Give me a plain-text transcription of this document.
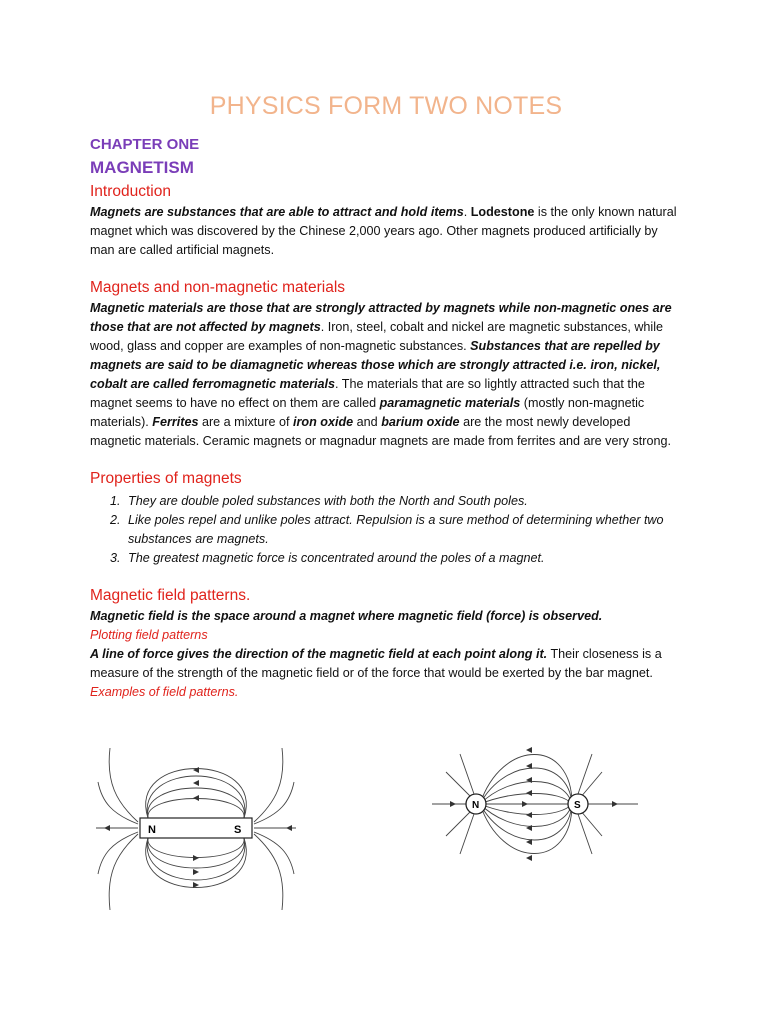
PHYSICS FORM TWO NOTES
CHAPTER ONE
MAGNETISM
Introduction

Magnets are substances that are able to attract and hold items. Lodestone is the only known natural magnet which was discovered by the Chinese 2,000 years ago. Other magnets produced artificially by man are called artificial magnets.

Magnets and non-magnetic materials

Magnetic materials are those that are strongly attracted by magnets while non-magnetic ones are those that are not affected by magnets. Iron, steel, cobalt and nickel are magnetic substances, while wood, glass and copper are examples of non-magnetic substances. Substances that are repelled by magnets are said to be diamagnetic whereas those which are strongly attracted i.e. iron, nickel, cobalt are called ferromagnetic materials. The materials that are so lightly attracted such that the magnet seems to have no effect on them are called paramagnetic materials (mostly non-magnetic materials). Ferrites are a mixture of iron oxide and barium oxide are the most newly developed magnetic materials. Ceramic magnets or magnadur magnets are made from ferrites and are very strong.

Properties of magnets
1. They are double poled substances with both the North and South poles.
2. Like poles repel and unlike poles attract. Repulsion is a sure method of determining whether two substances are magnets.
3. The greatest magnetic force is concentrated around the poles of a magnet.
Magnetic field patterns.

Magnetic field is the space around a magnet where magnetic field (force) is observed.

Plotting field patterns

A line of force gives the direction of the magnetic field at each point along it. Their closeness is a measure of the strength of the magnetic field or of the force that would be exerted by the bar magnet.

Examples of field patterns.

N	S
N	S
